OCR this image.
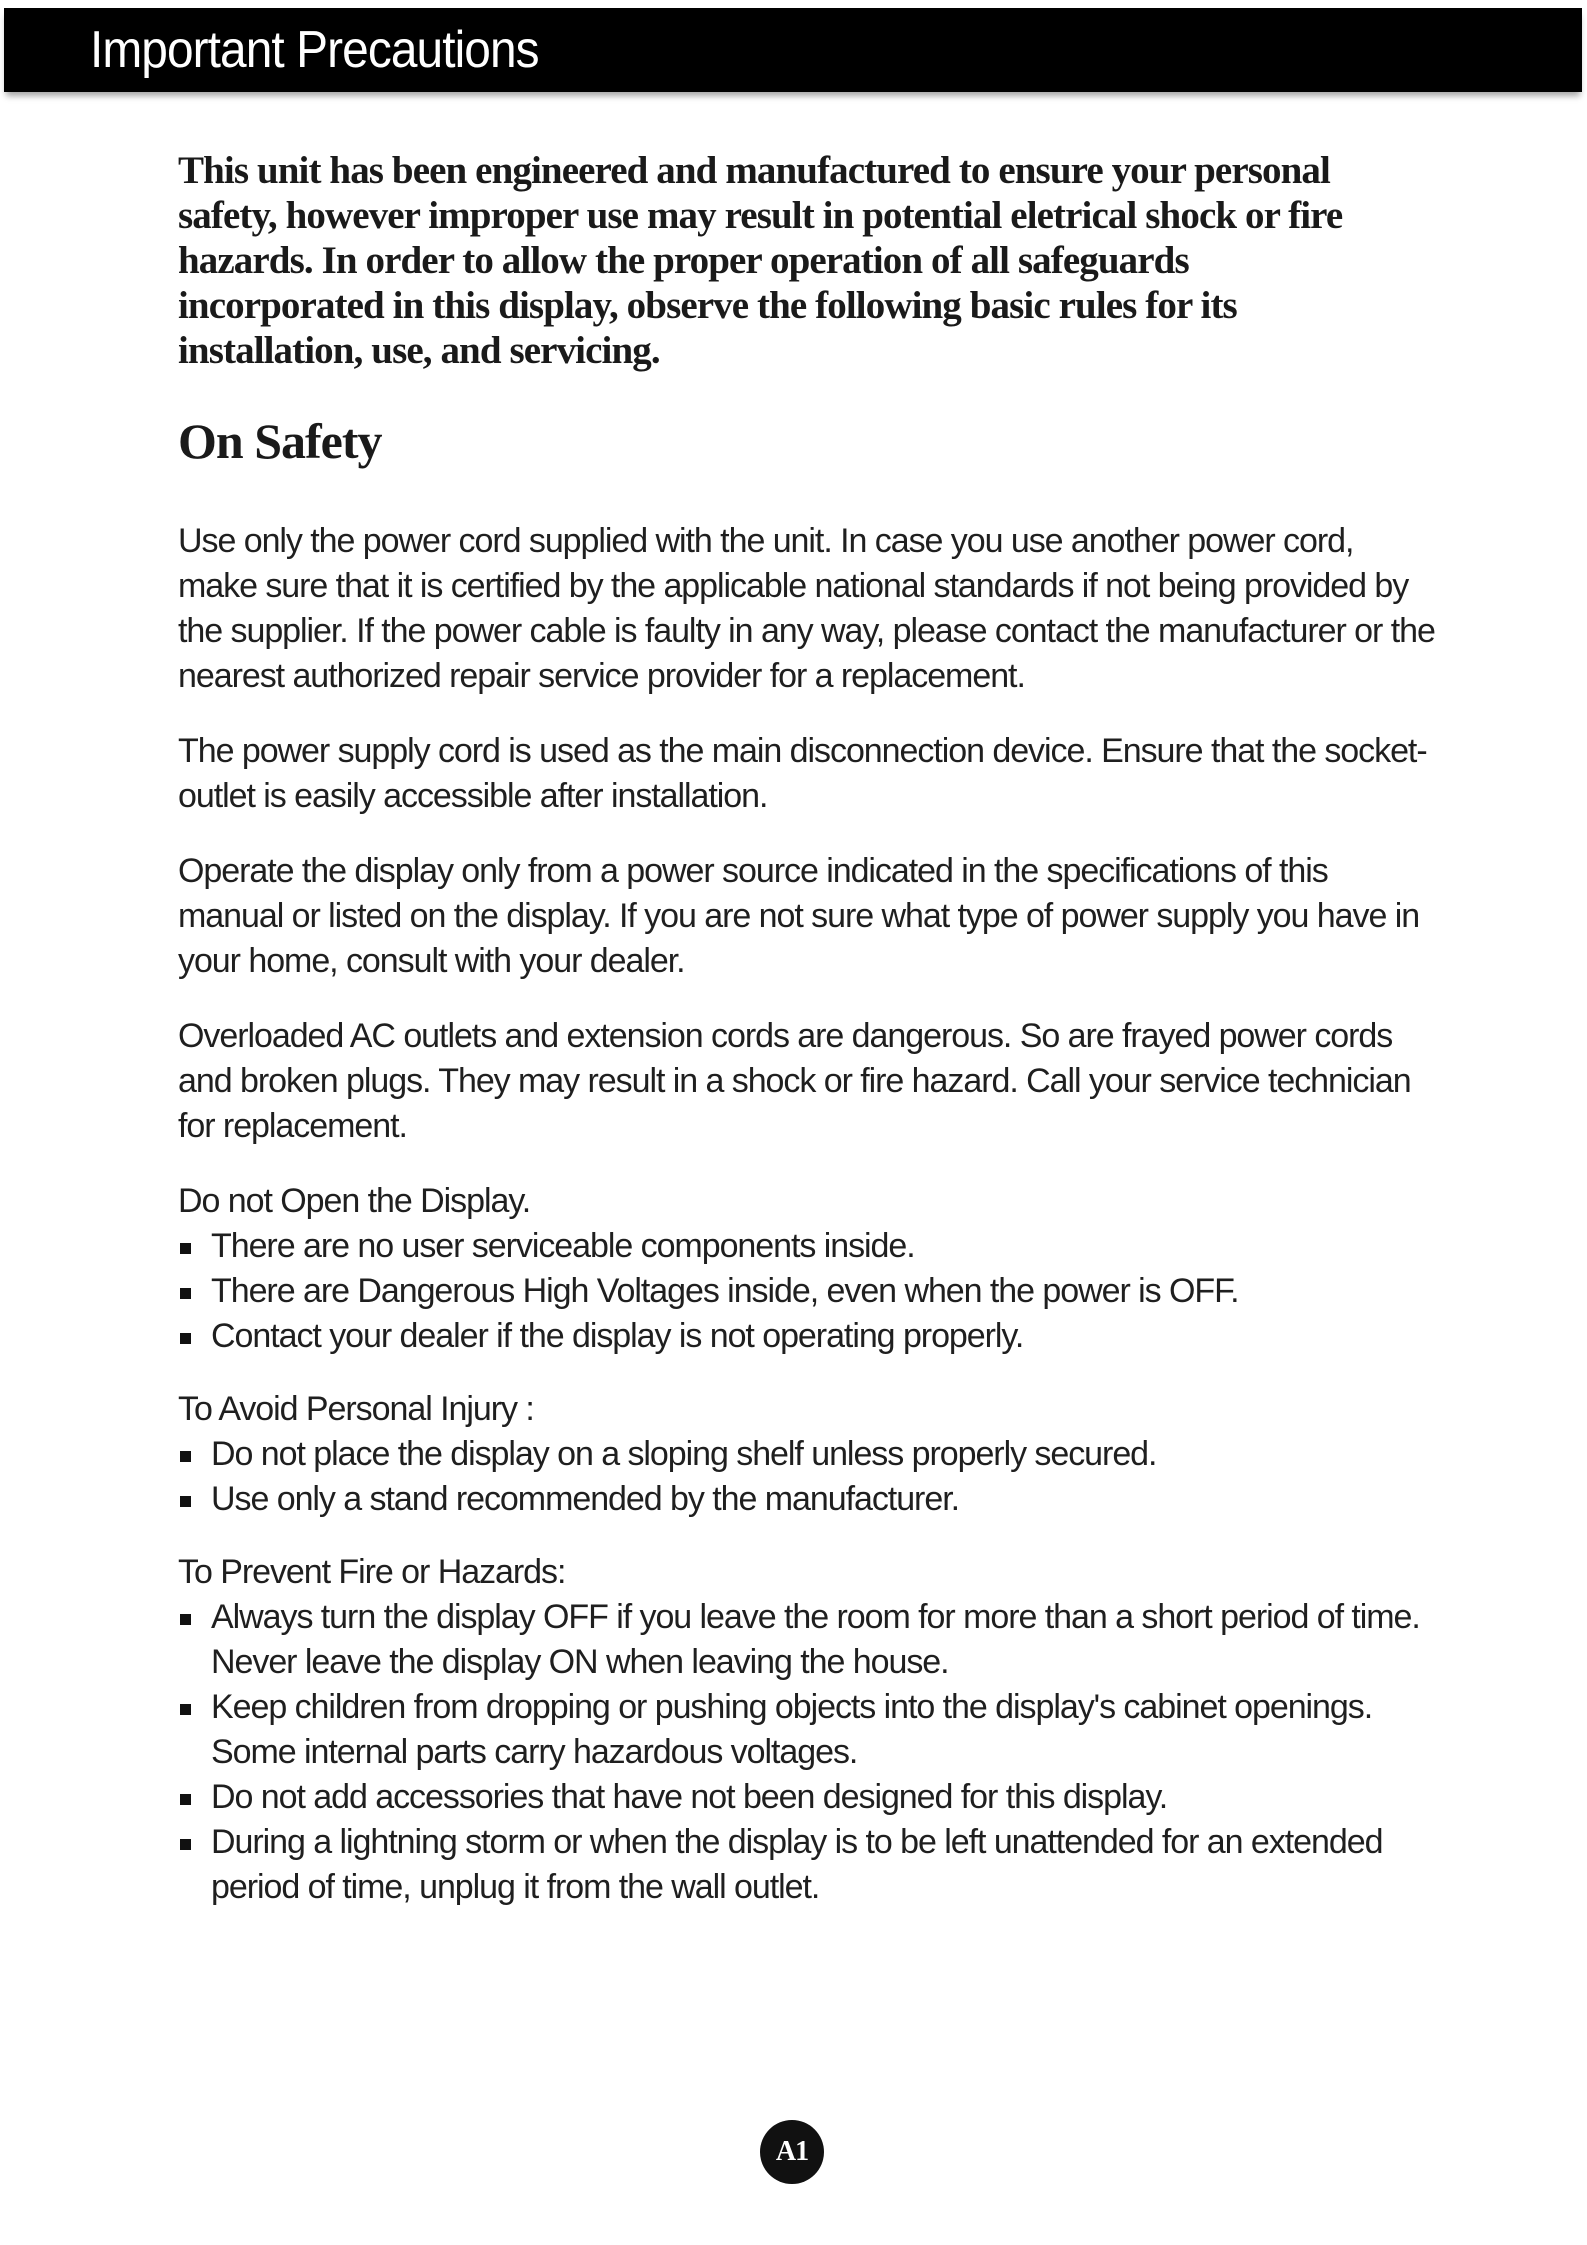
Important Precautions

This unit has been engineered and manufactured to ensure your personal safety, however improper use may result in potential eletrical shock or fire hazards. In order to allow the proper operation of all safeguards incorporated in this display, observe the following basic rules for its installation, use, and servicing.

On Safety

Use only the power cord supplied with the unit. In case you use another power cord, make sure that it is certified by the applicable national standards if not being provided by the supplier. If the power cable is faulty in any way, please contact the manufacturer or the nearest authorized repair service provider for a replacement.

The power supply cord is used as the main disconnection device. Ensure that the socket-outlet is easily accessible after installation.

Operate the display only from a power source indicated in the specifications of this manual or listed on the display. If you are not sure what type of power supply you have in your home, consult with your dealer.

Overloaded AC outlets and extension cords are dangerous. So are frayed power cords and broken plugs. They may result in a shock or fire hazard. Call your service technician for replacement.

Do not Open the Display.

There are no user serviceable components inside.
There are Dangerous High Voltages inside, even when the power is OFF.
Contact your dealer if the display is not operating properly.

To Avoid Personal Injury :

Do not place the display on a sloping shelf unless properly secured.
Use only a stand recommended by the manufacturer.

To Prevent Fire or Hazards:

Always turn the display OFF if you leave the room for more than a short period of time. Never leave the display ON when leaving the house.
Keep children from dropping or pushing objects into the display's cabinet openings. Some internal parts carry hazardous voltages.
Do not add accessories that have not been designed for this display.
During a lightning storm or when the display is to be left unattended for an extended period of time, unplug it from the wall outlet.
A1
